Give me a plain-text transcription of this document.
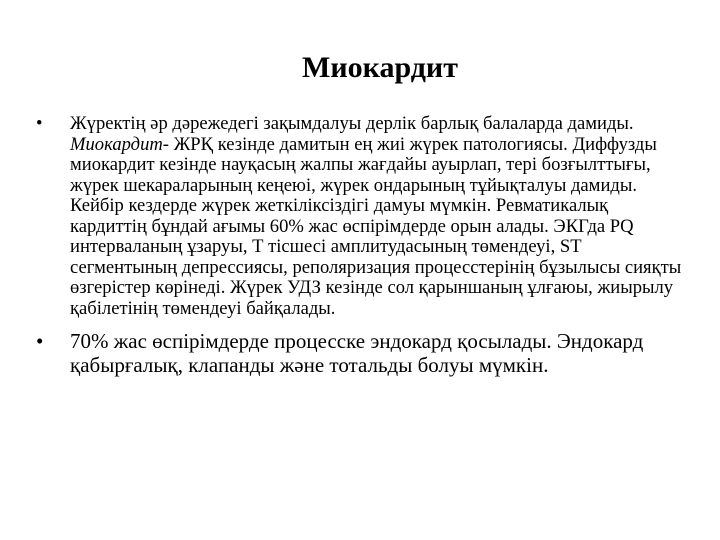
Миокардит
•	Жүректің әр дәрежедегі зақымдалуы дерлік барлық балаларда дамиды. Миокардит- ЖРҚ кезінде дамитын ең жиі жүрек патологиясы. Диффузды миокардит кезінде науқасың жалпы жағдайы ауырлап, тері бозғылттығы, жүрек шекараларының кеңеюі, жүрек ондарының тұйықталуы дамиды. Кейбір кездерде жүрек жеткіліксіздігі дамуы мүмкін. Ревматикалық кардиттің бұндай ағымы 60% жас өспірімдерде орын алады. ЭКГда PQ интерваланың ұзаруы, Т тісшесі амплитудасының төмендеуі, ST сегментының депрессиясы, реполяризация процесстерінің бұзылысы сияқты өзгерістер көрінеді. Жүрек УДЗ кезінде сол қарыншаның ұлғаюы, жиырылу қабілетінің төмендеуі байқалады.
•	70% жас өспірімдерде процесске эндокард қосылады. Эндокард қабырғалық, клапанды және тотальды болуы мүмкін.
